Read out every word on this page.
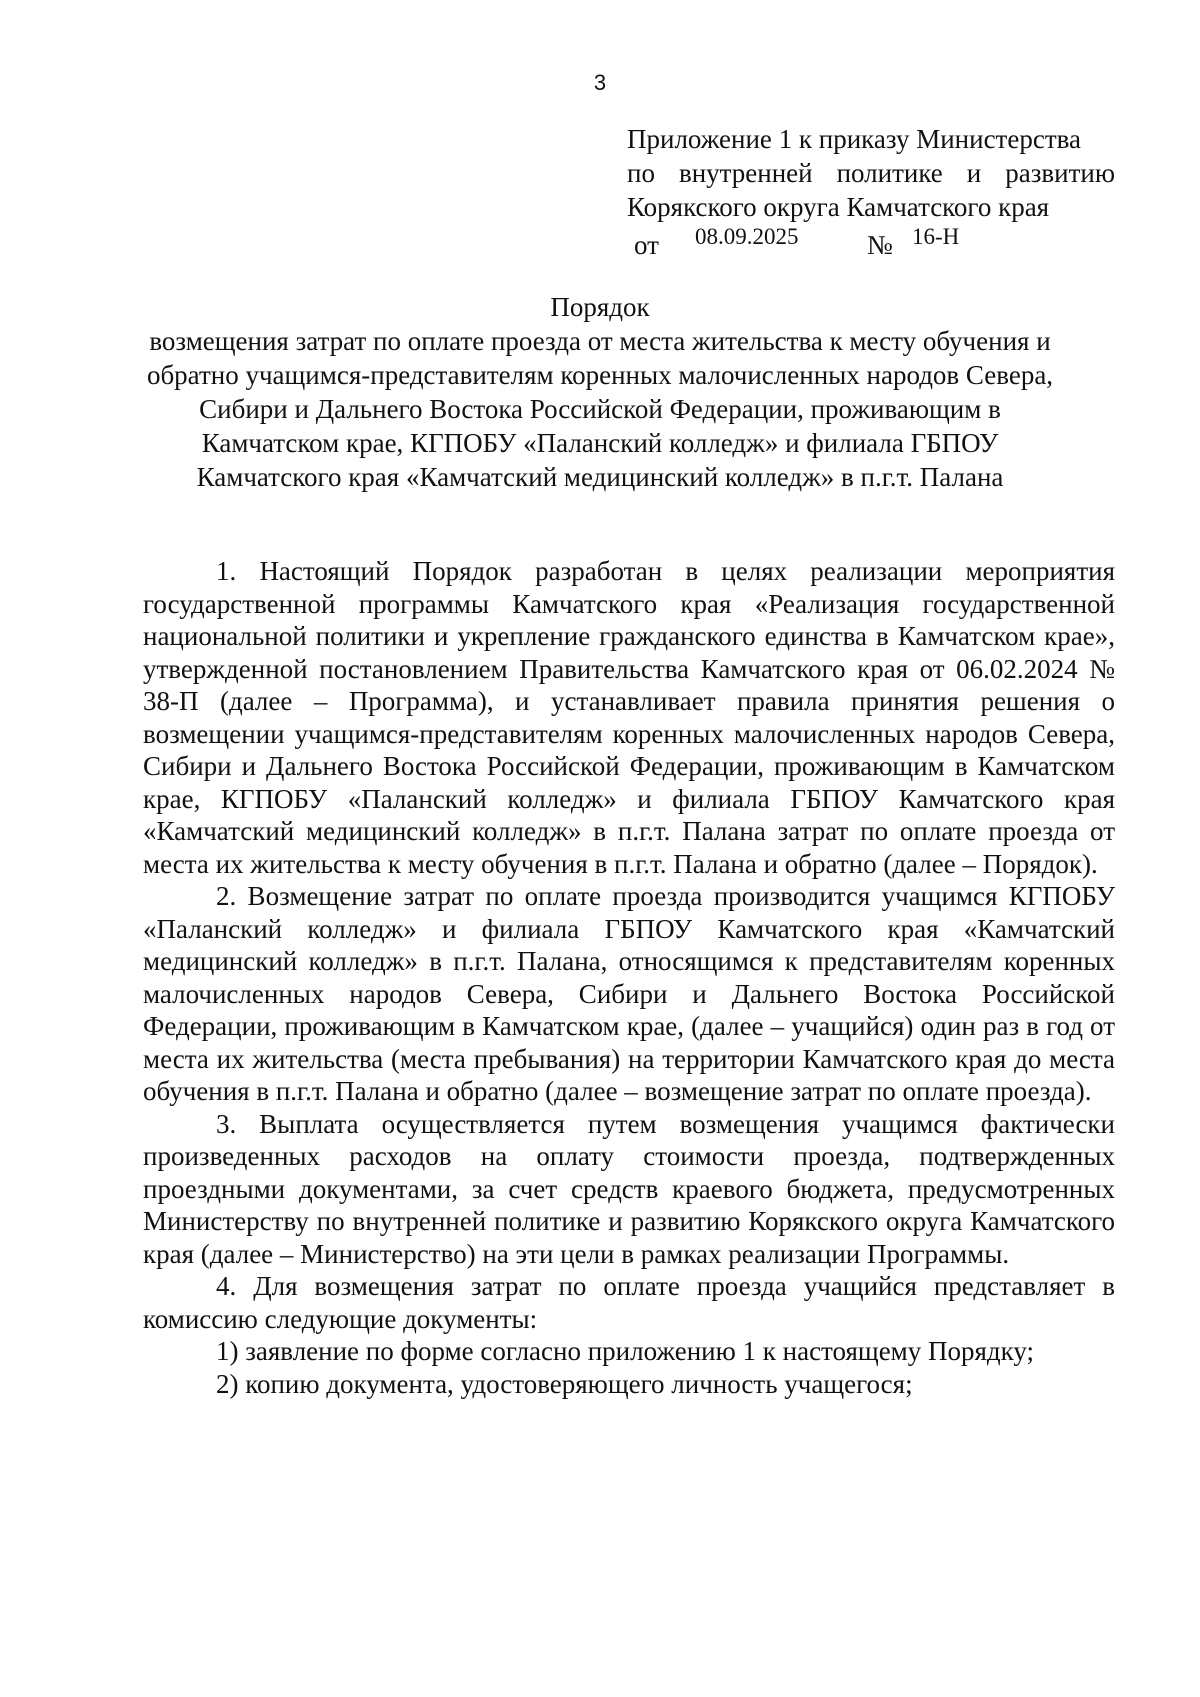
3
Приложение 1 к приказу Министерства
по внутренней политике и развитию
Корякского округа Камчатского края
от 08.09.2025	№ 16-Н
Порядок
возмещения затрат по оплате проезда от места жительства к месту обучения и обратно учащимся-представителям коренных малочисленных народов Севера, Сибири и Дальнего Востока Российской Федерации, проживающим в Камчатском крае, КГПОБУ «Паланский колледж» и филиала ГБПОУ Камчатского края «Камчатский медицинский колледж» в п.г.т. Палана

1. Настоящий Порядок разработан в целях реализации мероприятия государственной программы Камчатского края «Реализация государственной национальной политики и укрепление гражданского единства в Камчатском крае», утвержденной постановлением Правительства Камчатского края от 06.02.2024 № 38-П (далее – Программа), и устанавливает правила принятия решения о возмещении учащимся-представителям коренных малочисленных народов Севера, Сибири и Дальнего Востока Российской Федерации, проживающим в Камчатском крае, КГПОБУ «Паланский колледж» и филиала ГБПОУ Камчатского края «Камчатский медицинский колледж» в п.г.т. Палана затрат по оплате проезда от места их жительства к месту обучения в п.г.т. Палана и обратно (далее – Порядок).

2. Возмещение затрат по оплате проезда производится учащимся КГПОБУ «Паланский колледж» и филиала ГБПОУ Камчатского края «Камчатский медицинский колледж» в п.г.т. Палана, относящимся к представителям коренных малочисленных народов Севера, Сибири и Дальнего Востока Российской Федерации, проживающим в Камчатском крае, (далее – учащийся) один раз в год от места их жительства (места пребывания) на территории Камчатского края до места обучения в п.г.т. Палана и обратно (далее – возмещение затрат по оплате проезда).

3. Выплата осуществляется путем возмещения учащимся фактически произведенных расходов на оплату стоимости проезда, подтвержденных проездными документами, за счет средств краевого бюджета, предусмотренных Министерству по внутренней политике и развитию Корякского округа Камчатского края (далее – Министерство) на эти цели в рамках реализации Программы.

4. Для возмещения затрат по оплате проезда учащийся представляет в комиссию следующие документы:

1) заявление по форме согласно приложению 1 к настоящему Порядку;

2) копию документа, удостоверяющего личность учащегося;
